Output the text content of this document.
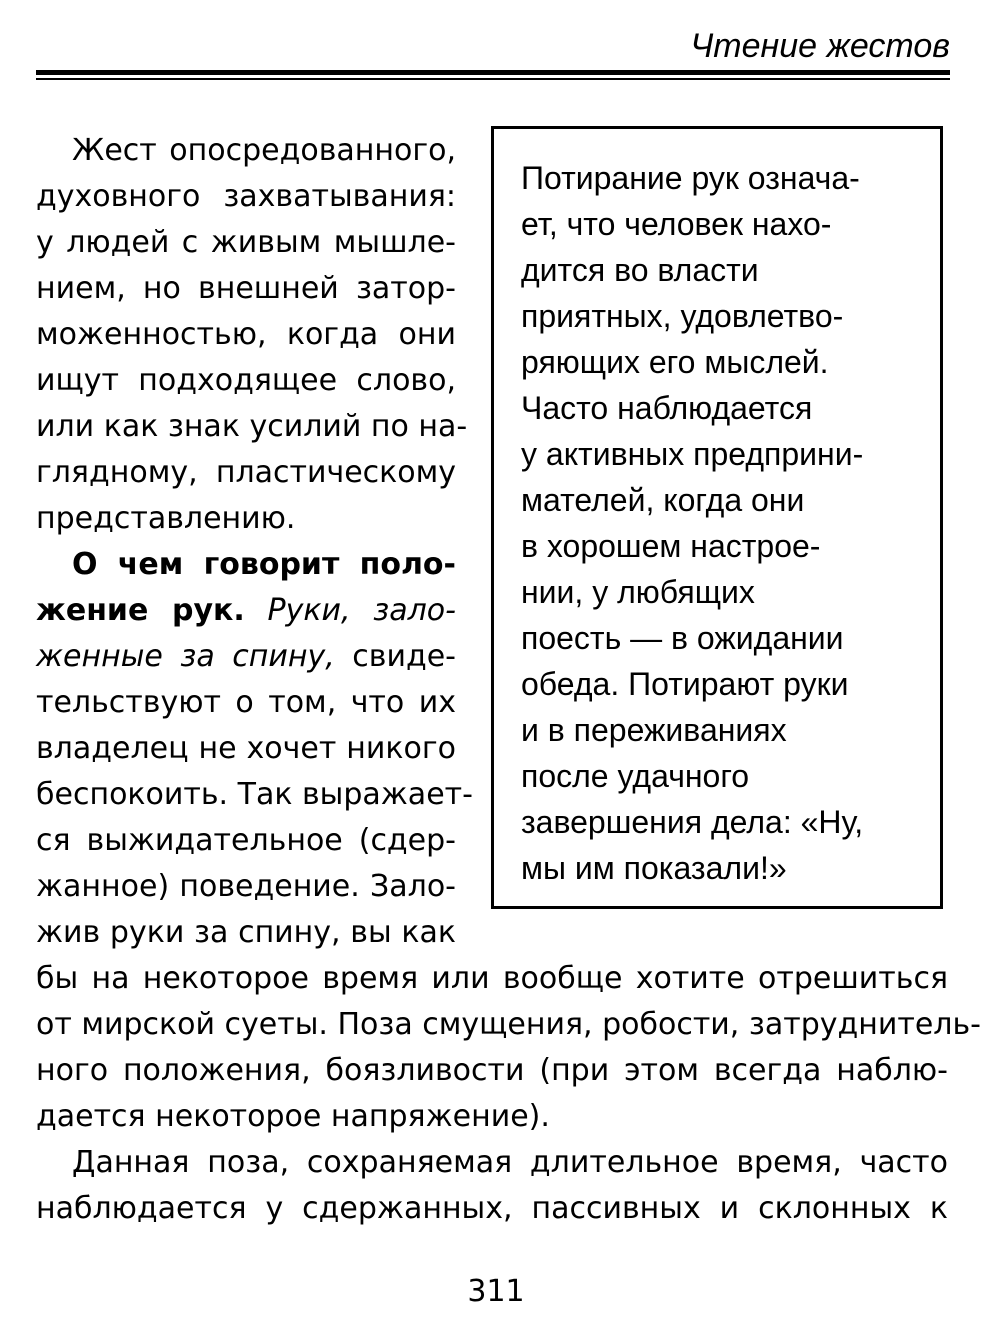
Чтение жестов
Жест опосредованного,
духовного захватывания:
у людей с живым мышле-
нием, но внешней затор-
моженностью, когда они
ищут подходящее слово,
или как знак усилий по на-
глядному, пластическому
представлению.
О чем говорит поло-
жение рук. Руки, зало-
женные за спину, свиде-
тельствуют о том, что их
владелец не хочет никого
беспокоить. Так выражает-
ся выжидательное (сдер-
жанное) поведение. Зало-
жив руки за спину, вы как
бы на некоторое время или вообще хотите отрешиться
от мирской суеты. Поза смущения, робости, затруднитель-
ного положения, боязливости (при этом всегда наблю-
дается некоторое напряжение).
Данная поза, сохраняемая длительное время, часто
наблюдается у сдержанных, пассивных и склонных к
Потирание рук означа-
ет, что человек нахо-
дится во власти
приятных, удовлетво-
ряющих его мыслей.
Часто наблюдается
у активных предприни-
мателей, когда они
в хорошем настрое-
нии, у любящих
поесть — в ожидании
обеда. Потирают руки
и в переживаниях
после удачного
завершения дела: «Ну,
мы им показали!»
311
